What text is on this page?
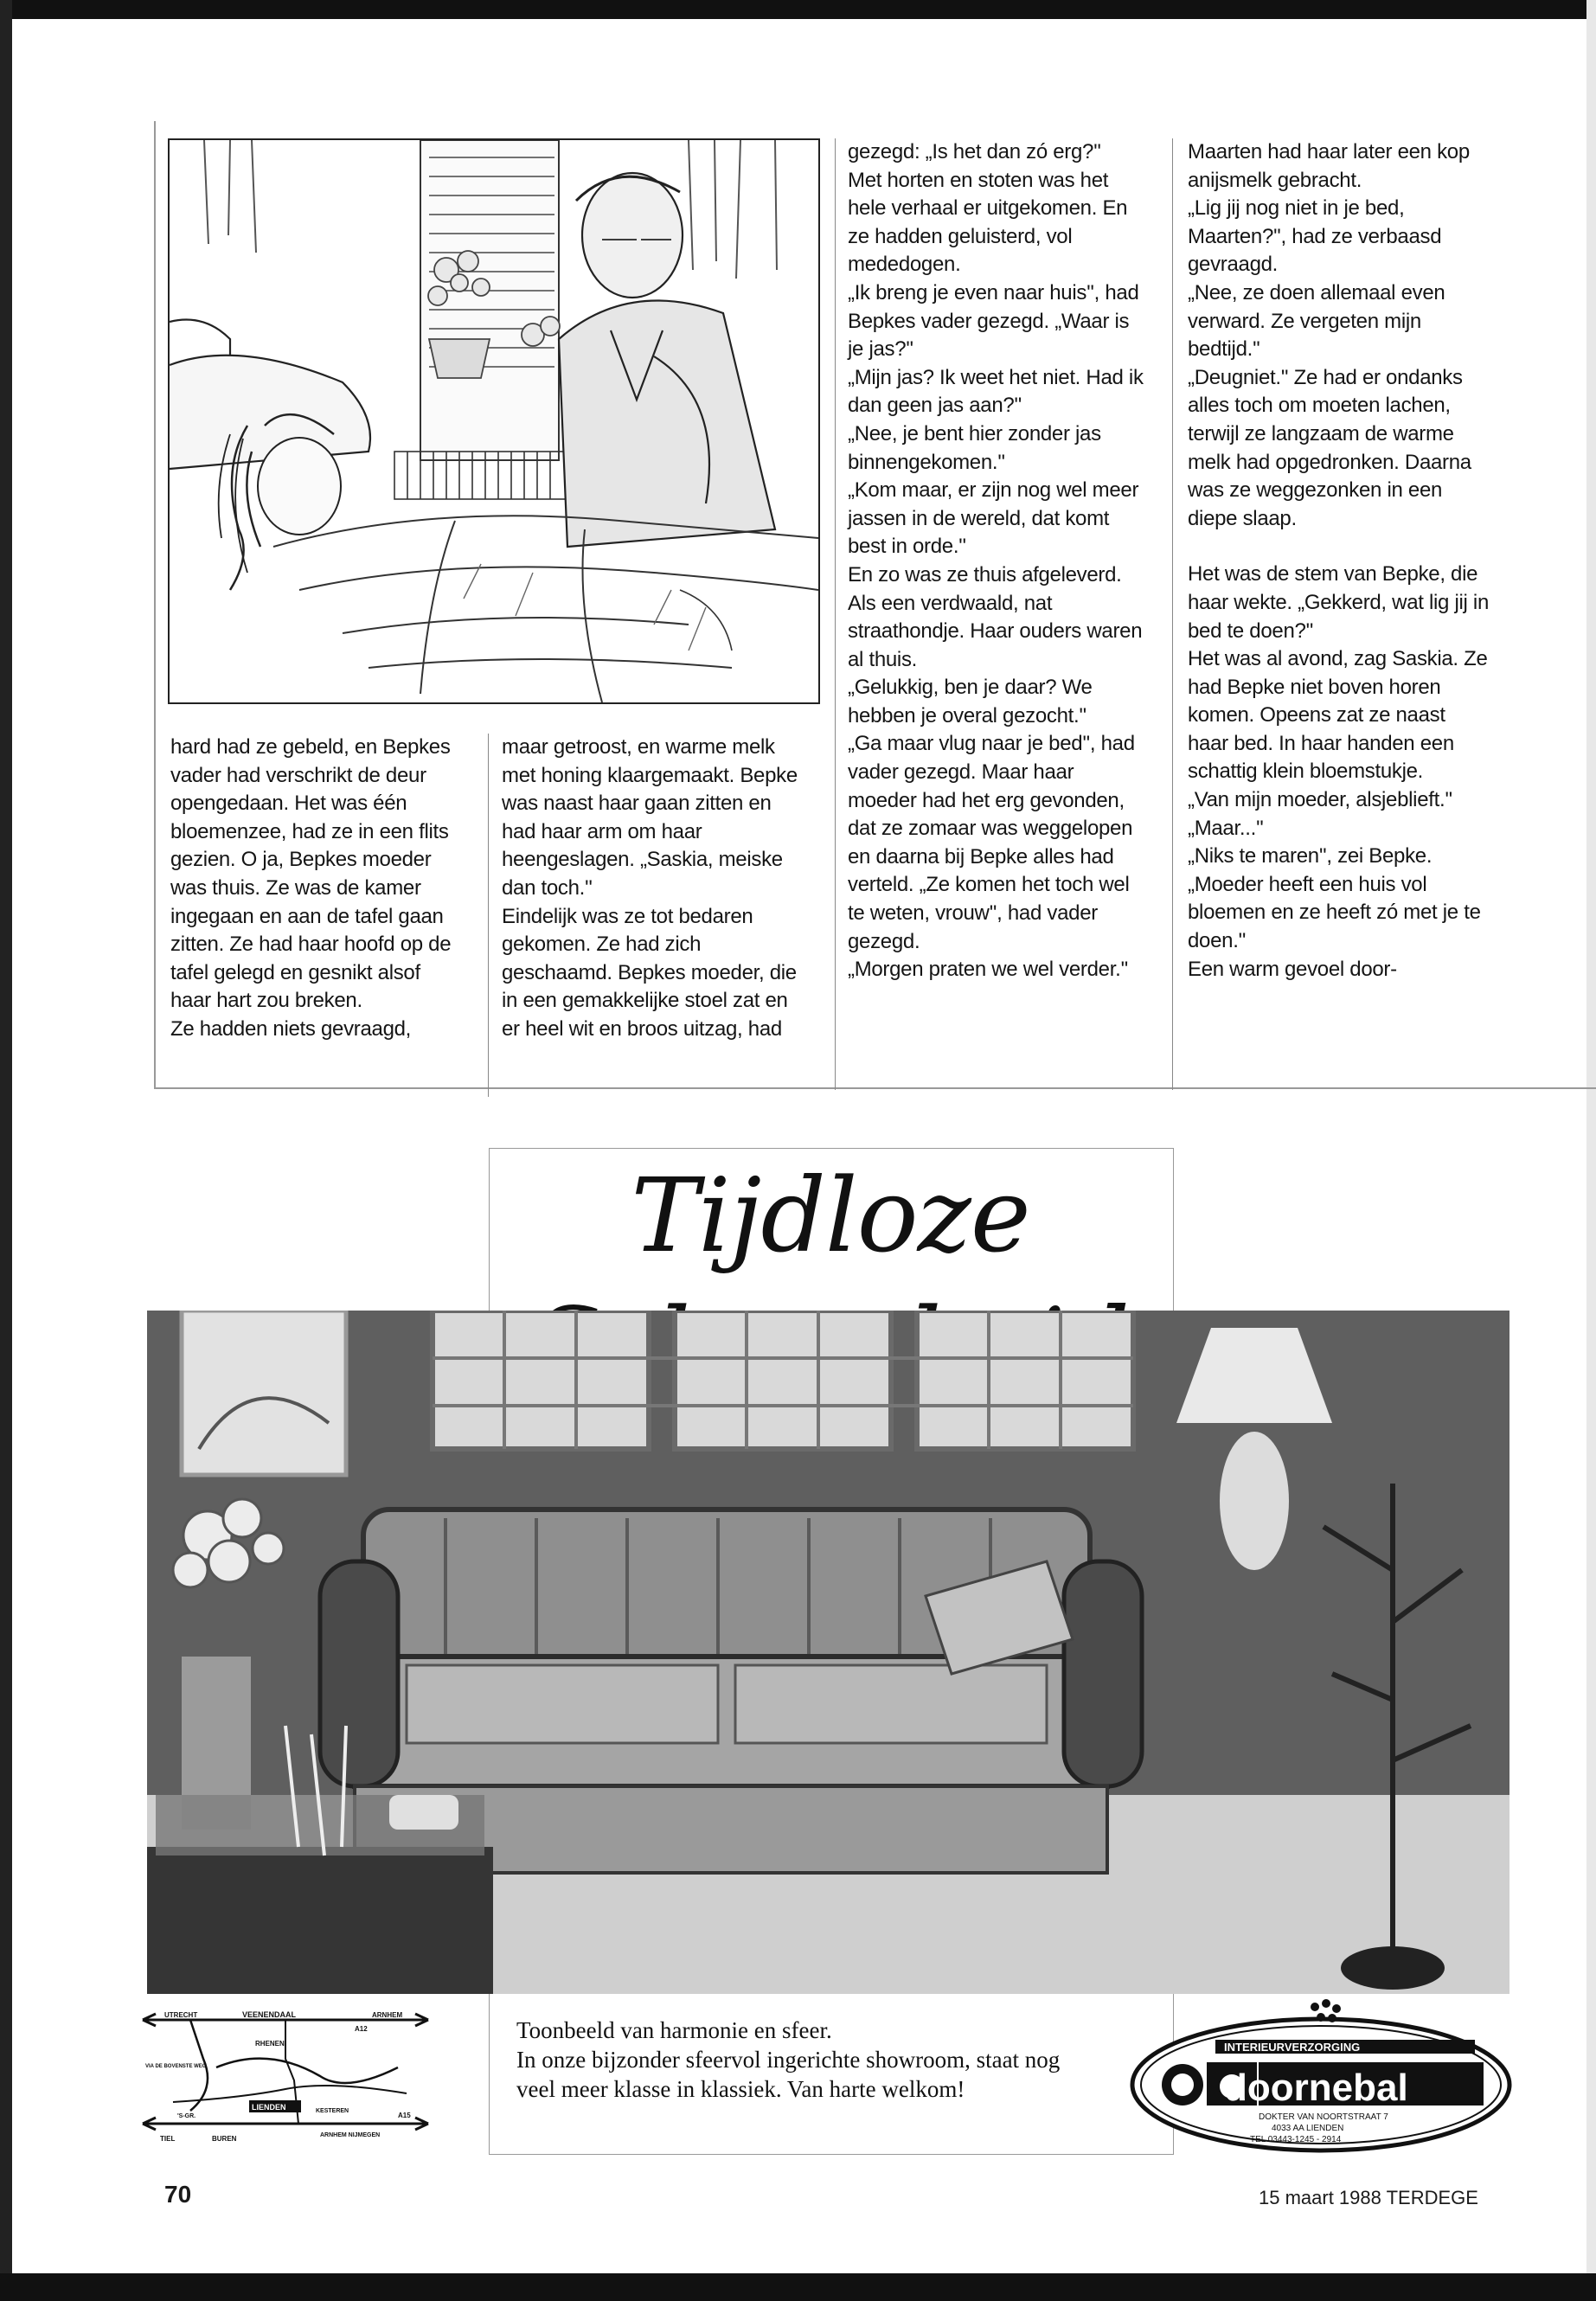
hard had ze gebeld, en Bepkes vader had verschrikt de deur opengedaan. Het was één bloemenzee, had ze in een flits gezien. O ja, Bepkes moeder was thuis. Ze was de kamer ingegaan en aan de tafel gaan zitten. Ze had haar hoofd op de tafel gelegd en gesnikt alsof haar hart zou breken.

Ze hadden niets gevraagd,

maar getroost, en warme melk met honing klaargemaakt. Bepke was naast haar gaan zitten en had haar arm om haar heengeslagen. „Saskia, meiske dan toch.''

Eindelijk was ze tot bedaren gekomen. Ze had zich geschaamd. Bepkes moeder, die in een gemakkelijke stoel zat en er heel wit en broos uitzag, had

gezegd: „Is het dan zó erg?''

Met horten en stoten was het hele verhaal er uitgekomen. En ze hadden geluisterd, vol mededogen.

„Ik breng je even naar huis'', had Bepkes vader gezegd. „Waar is je jas?''

„Mijn jas? Ik weet het niet. Had ik dan geen jas aan?''

„Nee, je bent hier zonder jas binnengekomen.''

„Kom maar, er zijn nog wel meer jassen in de wereld, dat komt best in orde.''

En zo was ze thuis afgeleverd. Als een verdwaald, nat straathondje. Haar ouders waren al thuis.

„Gelukkig, ben je daar? We hebben je overal gezocht.''

„Ga maar vlug naar je bed'', had vader gezegd. Maar haar moeder had het erg gevonden, dat ze zomaar was weggelopen en daarna bij Bepke alles had verteld. „Ze komen het toch wel te weten, vrouw'', had vader gezegd.

„Morgen praten we wel verder.''

Maarten had haar later een kop anijsmelk gebracht.

„Lig jij nog niet in je bed, Maarten?'', had ze verbaasd gevraagd.

„Nee, ze doen allemaal even verward. Ze vergeten mijn bedtijd.''

„Deugniet.'' Ze had er ondanks alles toch om moeten lachen, terwijl ze langzaam de warme melk had opgedronken. Daarna was ze weggezonken in een diepe slaap.

Het was de stem van Bepke, die haar wekte. „Gekkerd, wat lig jij in bed te doen?''

Het was al avond, zag Saskia. Ze had Bepke niet boven horen komen. Opeens zat ze naast haar bed. In haar handen een schattig klein bloemstukje.

„Van mijn moeder, alsjeblieft.''

„Maar...''

„Niks te maren'', zei Bepke. „Moeder heeft een huis vol bloemen en ze heeft zó met je te doen.''

Een warm gevoel door-

Tijdloze
UTRECHT	VEENENDAAL	ARNHEM
A12
VIA DE BOVENSTE WEG
RHENEN
LIENDEN	KESTEREN
'S-GR.	A15
TIEL	BUREN	ARNHEM NIJMEGEN

Toonbeeld van harmonie en sfeer.

In onze bijzonder sfeervol ingerichte showroom, staat nog veel meer klasse in klassiek. Van harte welkom!

INTERIEURVERZORGING
doornebal
DOKTER VAN NOORTSTRAAT 7
4033 AA LIENDEN
TEL 03443-1245 - 2914
70	15 maart 1988 TERDEGE
